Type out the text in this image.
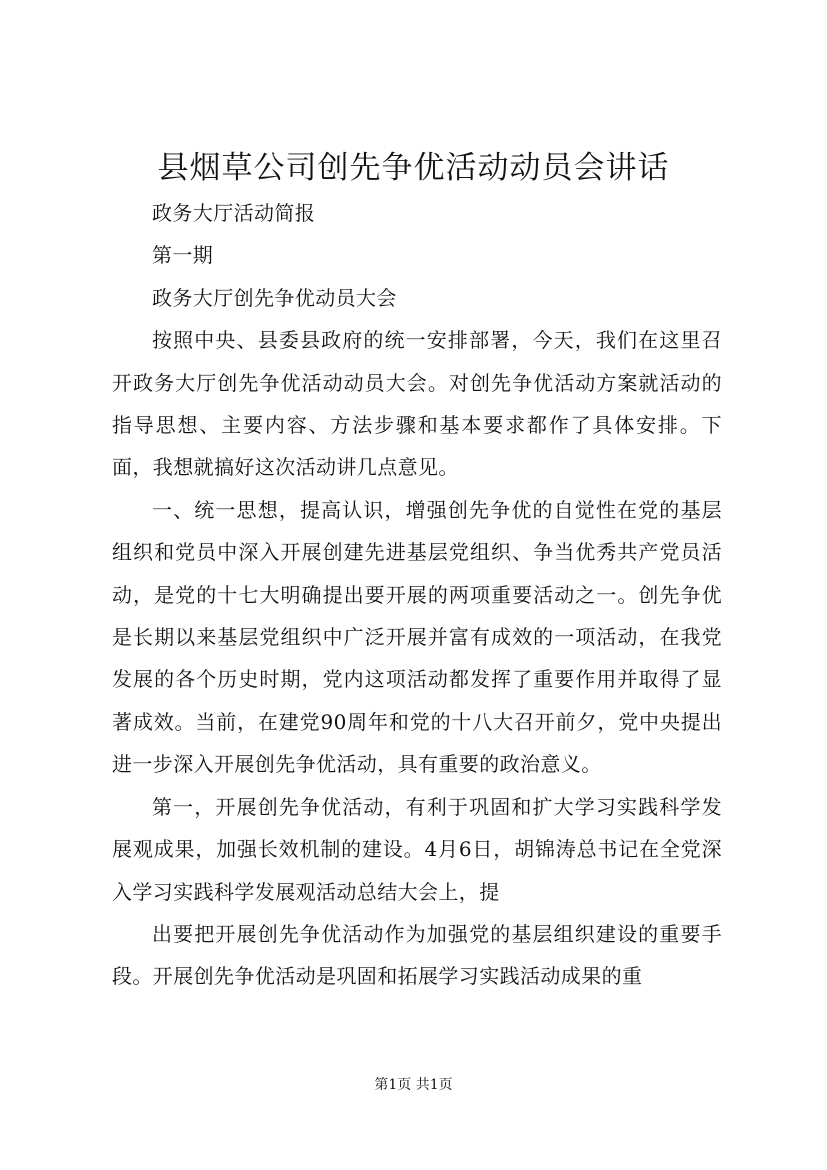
县烟草公司创先争优活动动员会讲话

政务大厅活动简报

第一期

政务大厅创先争优动员大会

按照中央、县委县政府的统一安排部署，今天，我们在这里召开政务大厅创先争优活动动员大会。对创先争优活动方案就活动的指导思想、主要内容、方法步骤和基本要求都作了具体安排。下面，我想就搞好这次活动讲几点意见。

一、统一思想，提高认识，增强创先争优的自觉性在党的基层组织和党员中深入开展创建先进基层党组织、争当优秀共产党员活动，是党的十七大明确提出要开展的两项重要活动之一。创先争优是长期以来基层党组织中广泛开展并富有成效的一项活动，在我党发展的各个历史时期，党内这项活动都发挥了重要作用并取得了显著成效。当前，在建党90周年和党的十八大召开前夕，党中央提出进一步深入开展创先争优活动，具有重要的政治意义。

第一，开展创先争优活动，有利于巩固和扩大学习实践科学发展观成果，加强长效机制的建设。4月6日，胡锦涛总书记在全党深入学习实践科学发展观活动总结大会上，提

出要把开展创先争优活动作为加强党的基层组织建设的重要手段。开展创先争优活动是巩固和拓展学习实践活动成果的重

第1页 共1页
